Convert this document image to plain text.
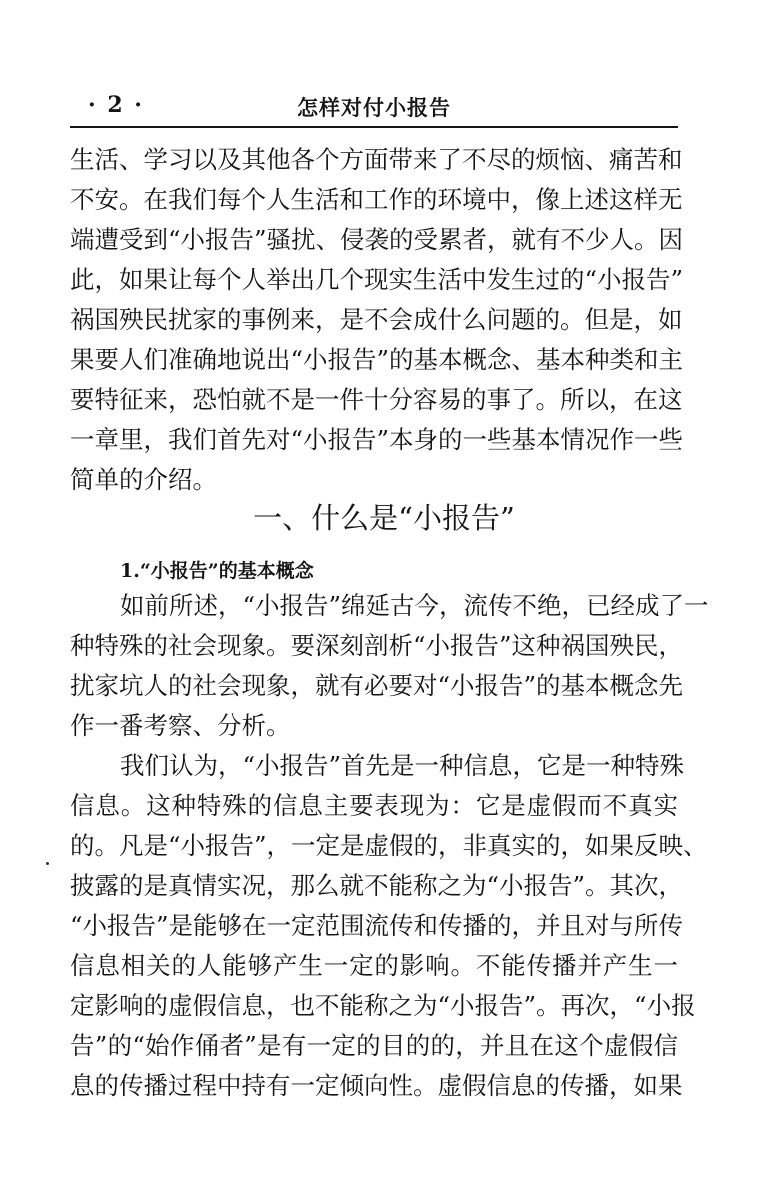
· 2 ·	怎样对付小报告
生活、学习以及其他各个方面带来了不尽的烦恼、痛苦和
不安。在我们每个人生活和工作的环境中，像上述这样无
端遭受到“小报告”骚扰、侵袭的受累者，就有不少人。因
此，如果让每个人举出几个现实生活中发生过的“小报告”
祸国殃民扰家的事例来，是不会成什么问题的。但是，如
果要人们准确地说出“小报告”的基本概念、基本种类和主
要特征来，恐怕就不是一件十分容易的事了。所以，在这
一章里，我们首先对“小报告”本身的一些基本情况作一些
简单的介绍。
一、什么是“小报告”
1.“小报告”的基本概念
如前所述，“小报告”绵延古今，流传不绝，已经成了一
种特殊的社会现象。要深刻剖析“小报告”这种祸国殃民，
扰家坑人的社会现象，就有必要对“小报告”的基本概念先
作一番考察、分析。
我们认为，“小报告”首先是一种信息，它是一种特殊
信息。这种特殊的信息主要表现为：它是虚假而不真实
的。凡是“小报告”，一定是虚假的，非真实的，如果反映、
披露的是真情实况，那么就不能称之为“小报告”。其次，
“小报告”是能够在一定范围流传和传播的，并且对与所传
信息相关的人能够产生一定的影响。不能传播并产生一
定影响的虚假信息，也不能称之为“小报告”。再次，“小报
告”的“始作俑者”是有一定的目的的，并且在这个虚假信
息的传播过程中持有一定倾向性。虚假信息的传播，如果
